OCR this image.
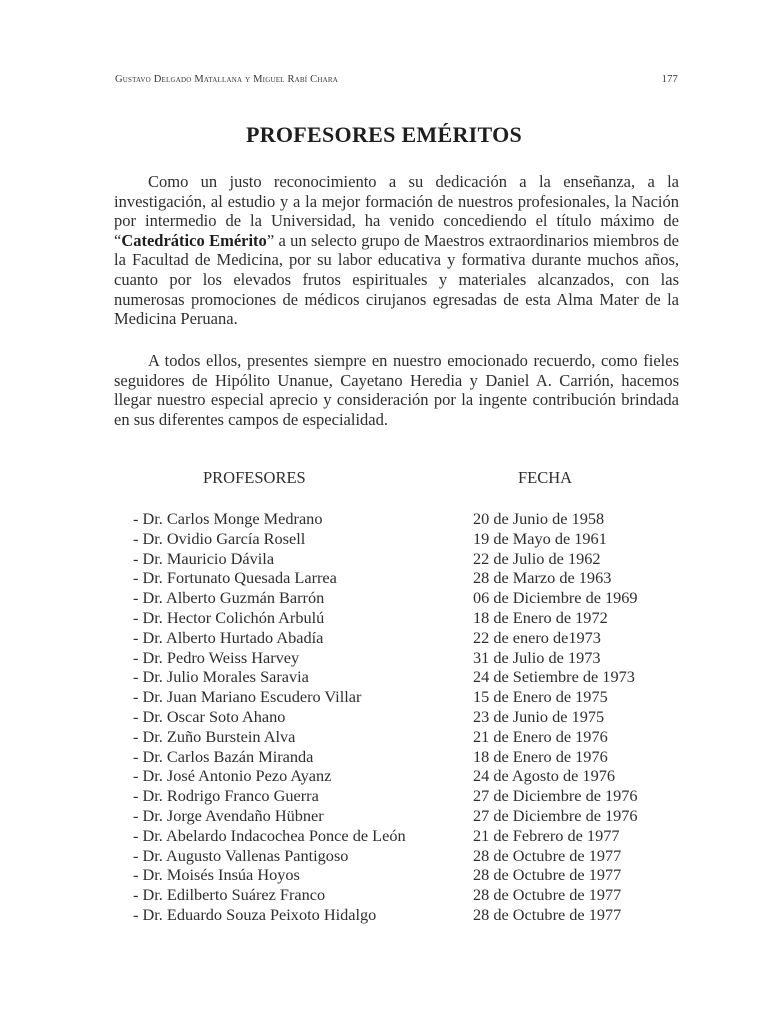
Gustavo Delgado Matallana y Miguel Rabí Chara	177
PROFESORES EMÉRITOS

Como un justo reconocimiento a su dedicación a la enseñanza, a la investigación, al estudio y a la mejor formación de nuestros profesionales, la Nación por intermedio de la Universidad, ha venido concediendo el título máximo de “Catedrático Emérito” a un selecto grupo de Maestros extraordinarios miembros de la Facultad de Medicina, por su labor educativa y formativa durante muchos años, cuanto por los elevados frutos espirituales y materiales alcanzados, con las numerosas promociones de médicos cirujanos egresadas de esta Alma Mater de la Medicina Peruana.

A todos ellos, presentes siempre en nuestro emocionado recuerdo, como fieles seguidores de Hipólito Unanue, Cayetano Heredia y Daniel A. Carrión, hacemos llegar nuestro especial aprecio y consideración por la ingente contribución brindada en sus diferentes campos de especialidad.

PROFESORES	FECHA
- Dr. Carlos Monge Medrano	20 de Junio de 1958
- Dr. Ovidio García Rosell	19 de Mayo de 1961
- Dr. Mauricio Dávila	22 de Julio de 1962
- Dr. Fortunato Quesada Larrea	28 de Marzo de 1963
- Dr. Alberto Guzmán Barrón	06 de Diciembre de 1969
- Dr. Hector Colichón Arbulú	18 de Enero de 1972
- Dr. Alberto Hurtado Abadía	22 de enero de1973
- Dr. Pedro Weiss Harvey	31 de Julio de 1973
- Dr. Julio Morales Saravia	24 de Setiembre de 1973
- Dr. Juan Mariano Escudero Villar	15 de Enero de 1975
- Dr. Oscar Soto Ahano	23 de Junio de 1975
- Dr. Zuño Burstein Alva	21 de Enero de 1976
- Dr. Carlos Bazán Miranda	18 de Enero de 1976
- Dr. José Antonio Pezo Ayanz	24 de Agosto de 1976
- Dr. Rodrigo Franco Guerra	27 de Diciembre de 1976
- Dr. Jorge Avendaño Hübner	27 de Diciembre de 1976
- Dr. Abelardo Indacochea Ponce de León	21 de Febrero de 1977
- Dr. Augusto Vallenas Pantigoso	28 de Octubre de 1977
- Dr. Moisés Insúa Hoyos	28 de Octubre de 1977
- Dr. Edilberto Suárez Franco	28 de Octubre de 1977
- Dr. Eduardo Souza Peixoto Hidalgo	28 de Octubre de 1977
